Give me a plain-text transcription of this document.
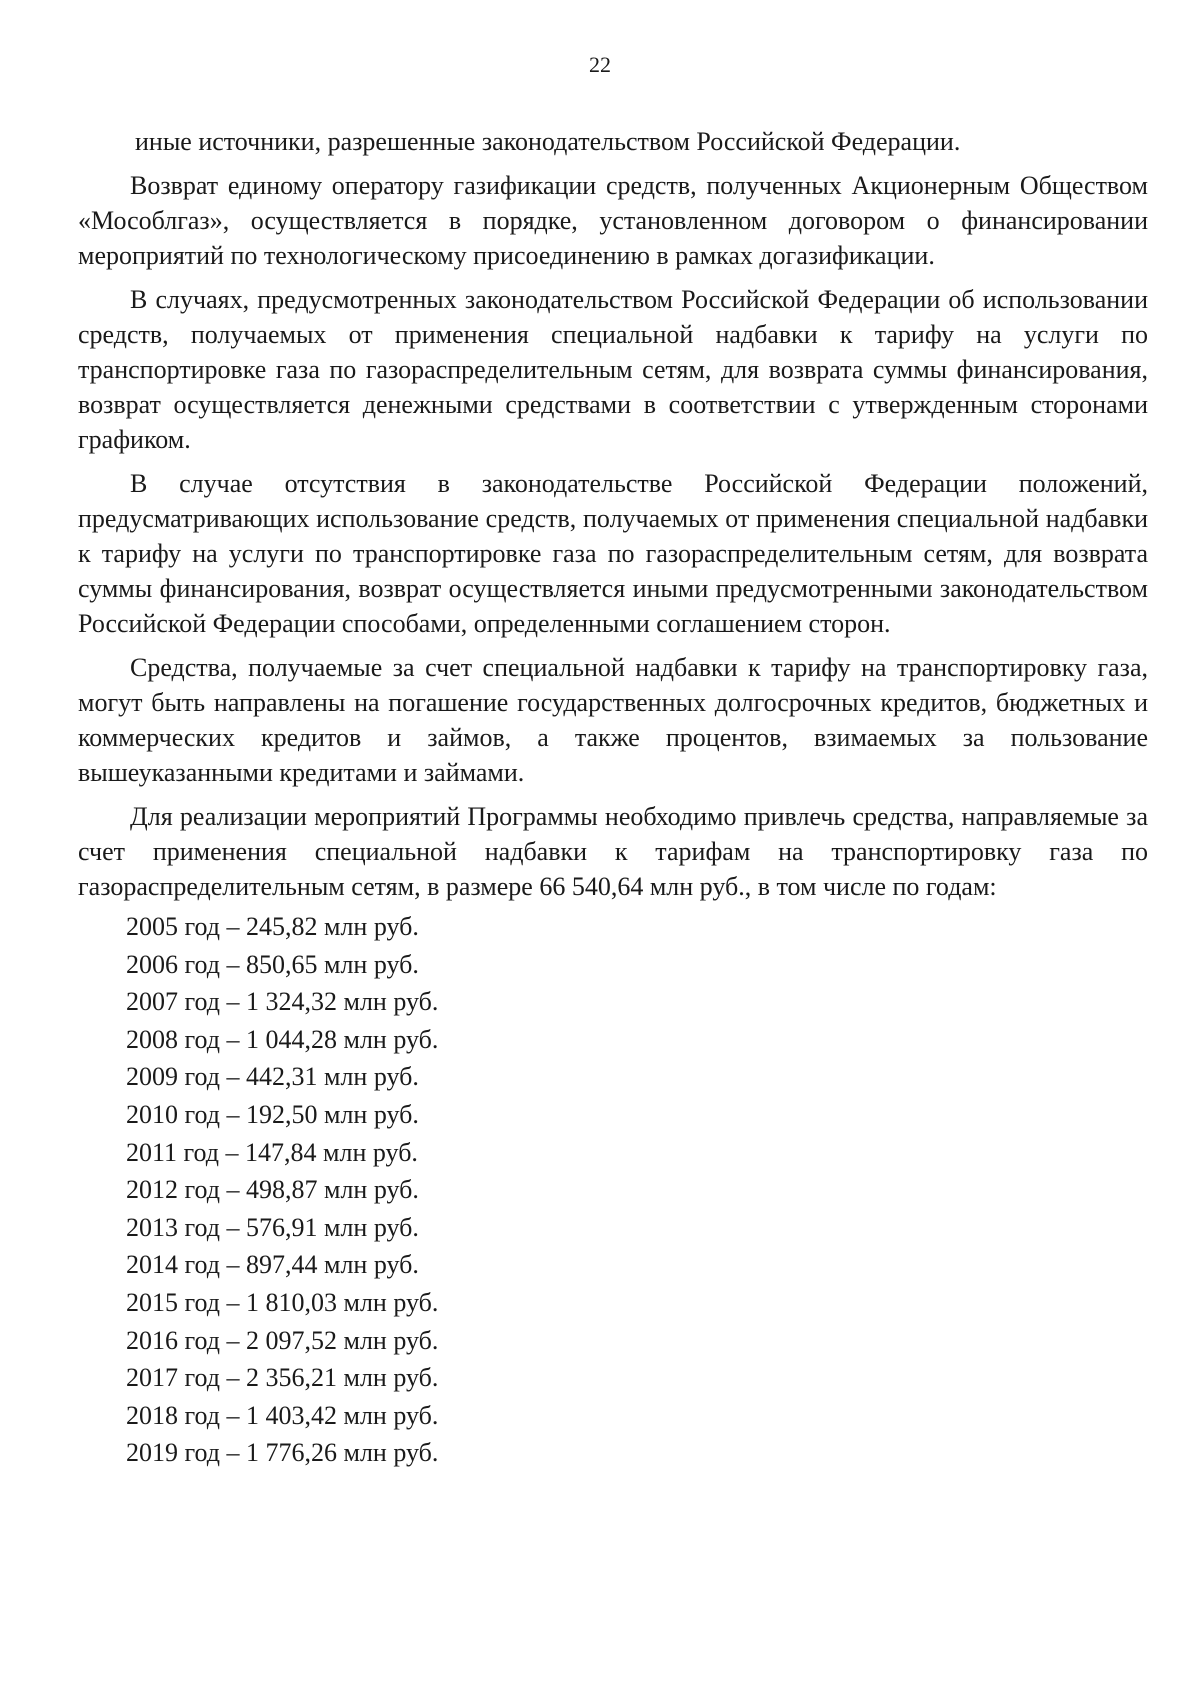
22

иные источники, разрешенные законодательством Российской Федерации.

Возврат единому оператору газификации средств, полученных Акционерным Обществом «Мособлгаз», осуществляется в порядке, установленном договором о финансировании мероприятий по технологическому присоединению в рамках догазификации.

В случаях, предусмотренных законодательством Российской Федерации об использовании средств, получаемых от применения специальной надбавки к тарифу на услуги по транспортировке газа по газораспределительным сетям, для возврата суммы финансирования, возврат осуществляется денежными средствами в соответствии с утвержденным сторонами графиком.

В случае отсутствия в законодательстве Российской Федерации положений, предусматривающих использование средств, получаемых от применения специальной надбавки к тарифу на услуги по транспортировке газа по газораспределительным сетям, для возврата суммы финансирования, возврат осуществляется иными предусмотренными законодательством Российской Федерации способами, определенными соглашением сторон.

Средства, получаемые за счет специальной надбавки к тарифу на транспортировку газа, могут быть направлены на погашение государственных долгосрочных кредитов, бюджетных и коммерческих кредитов и займов, а также процентов, взимаемых за пользование вышеуказанными кредитами и займами.

Для реализации мероприятий Программы необходимо привлечь средства, направляемые за счет применения специальной надбавки к тарифам на транспортировку газа по газораспределительным сетям, в размере 66 540,64 млн руб., в том числе по годам:

2005 год – 245,82 млн руб.
2006 год – 850,65 млн руб.
2007 год – 1 324,32 млн руб.
2008 год – 1 044,28 млн руб.
2009 год – 442,31 млн руб.
2010 год – 192,50 млн руб.
2011 год – 147,84 млн руб.
2012 год – 498,87 млн руб.
2013 год – 576,91 млн руб.
2014 год – 897,44 млн руб.
2015 год – 1 810,03 млн руб.
2016 год – 2 097,52 млн руб.
2017 год – 2 356,21 млн руб.
2018 год – 1 403,42 млн руб.
2019 год – 1 776,26 млн руб.
